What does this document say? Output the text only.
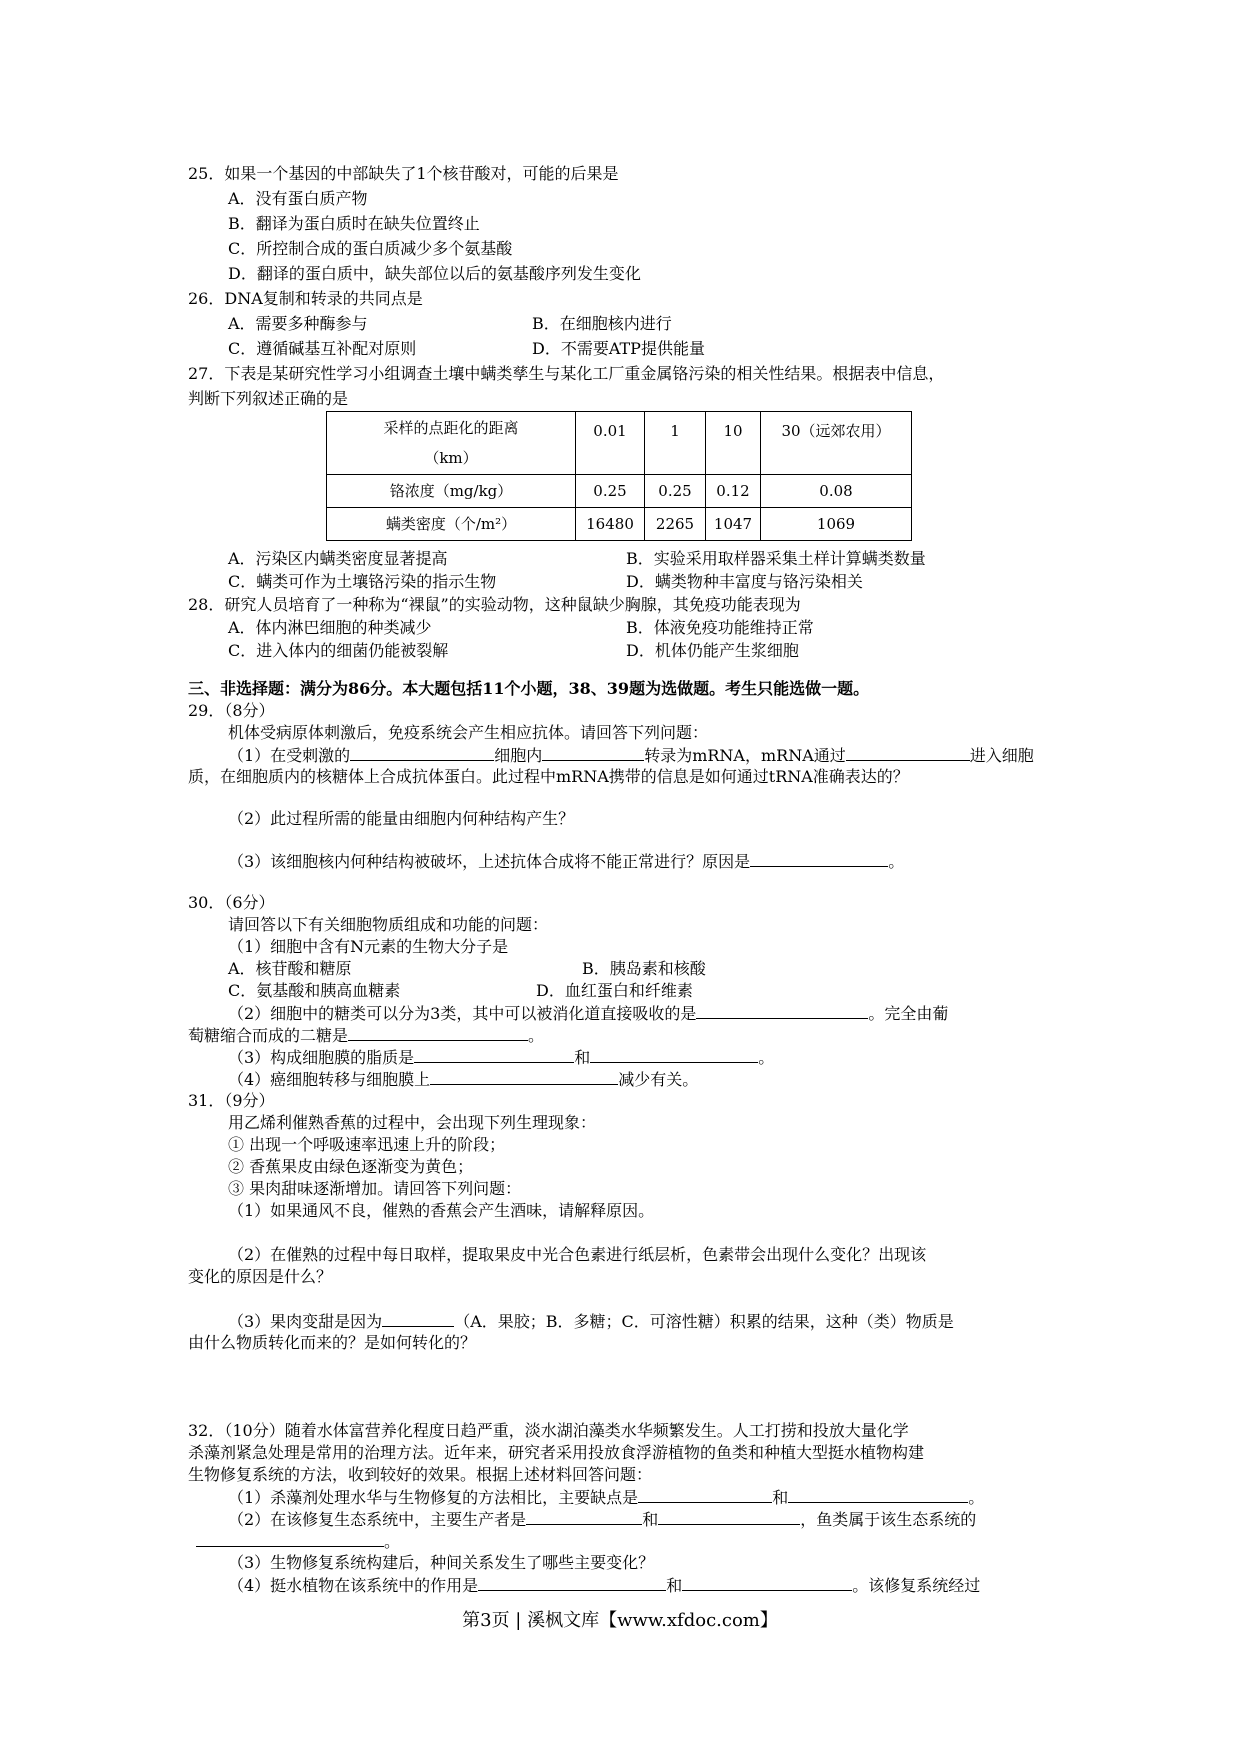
25．如果一个基因的中部缺失了1个核苷酸对，可能的后果是
A．没有蛋白质产物
B．翻译为蛋白质时在缺失位置终止
C．所控制合成的蛋白质减少多个氨基酸
D．翻译的蛋白质中，缺失部位以后的氨基酸序列发生变化
26．DNA复制和转录的共同点是
A．需要多种酶参与	B．在细胞核内进行
C．遵循碱基互补配对原则	D．不需要ATP提供能量
27．下表是某研究性学习小组调查土壤中螨类孳生与某化工厂重金属铬污染的相关性结果。根据表中信息，
判断下列叙述正确的是
采样的点距化的距离
（km）	0.01	1	10	30（远郊农用）
铬浓度（mg/kg）	0.25	0.25	0.12	0.08
螨类密度（个/m²）	16480	2265	1047	1069
A．污染区内螨类密度显著提高	B．实验采用取样器采集土样计算螨类数量
C．螨类可作为土壤铬污染的指示生物	D．螨类物种丰富度与铬污染相关
28．研究人员培育了一种称为“裸鼠”的实验动物，这种鼠缺少胸腺，其免疫功能表现为
A．体内淋巴细胞的种类减少	B．体液免疫功能维持正常
C．进入体内的细菌仍能被裂解	D．机体仍能产生浆细胞
三、非选择题：满分为86分。本大题包括11个小题，38、39题为选做题。考生只能选做一题。
29．（8分）
机体受病原体刺激后，免疫系统会产生相应抗体。请回答下列问题：
（1）在受刺激的	细胞内	转录为mRNA，mRNA通过	进入细胞
质，在细胞质内的核糖体上合成抗体蛋白。此过程中mRNA携带的信息是如何通过tRNA准确表达的？
（2）此过程所需的能量由细胞内何种结构产生？
（3）该细胞核内何种结构被破坏，上述抗体合成将不能正常进行？原因是	。
30．（6分）
请回答以下有关细胞物质组成和功能的问题：
（1）细胞中含有N元素的生物大分子是
A．核苷酸和糖原	B．胰岛素和核酸
C．氨基酸和胰高血糖素	D．血红蛋白和纤维素
（2）细胞中的糖类可以分为3类，其中可以被消化道直接吸收的是	。完全由葡
萄糖缩合而成的二糖是	。
（3）构成细胞膜的脂质是	和	。
（4）癌细胞转移与细胞膜上	减少有关。
31．（9分）
用乙烯利催熟香蕉的过程中，会出现下列生理现象：
① 出现一个呼吸速率迅速上升的阶段；
② 香蕉果皮由绿色逐渐变为黄色；
③ 果肉甜味逐渐增加。请回答下列问题：
（1）如果通风不良，催熟的香蕉会产生酒味，请解释原因。
（2）在催熟的过程中每日取样，提取果皮中光合色素进行纸层析，色素带会出现什么变化？出现该
变化的原因是什么？
（3）果肉变甜是因为	（A．果胶；B．多糖；C．可溶性糖）积累的结果，这种（类）物质是
由什么物质转化而来的？是如何转化的？
32．（10分）随着水体富营养化程度日趋严重，淡水湖泊藻类水华频繁发生。人工打捞和投放大量化学
杀藻剂紧急处理是常用的治理方法。近年来，研究者采用投放食浮游植物的鱼类和种植大型挺水植物构建
生物修复系统的方法，收到较好的效果。根据上述材料回答问题：
（1）杀藻剂处理水华与生物修复的方法相比，主要缺点是	和	。
（2）在该修复生态系统中，主要生产者是	和	，鱼类属于该生态系统的
。
（3）生物修复系统构建后，种间关系发生了哪些主要变化？
（4）挺水植物在该系统中的作用是	和	。该修复系统经过
第3页 | 溪枫文库【www.xfdoc.com】
